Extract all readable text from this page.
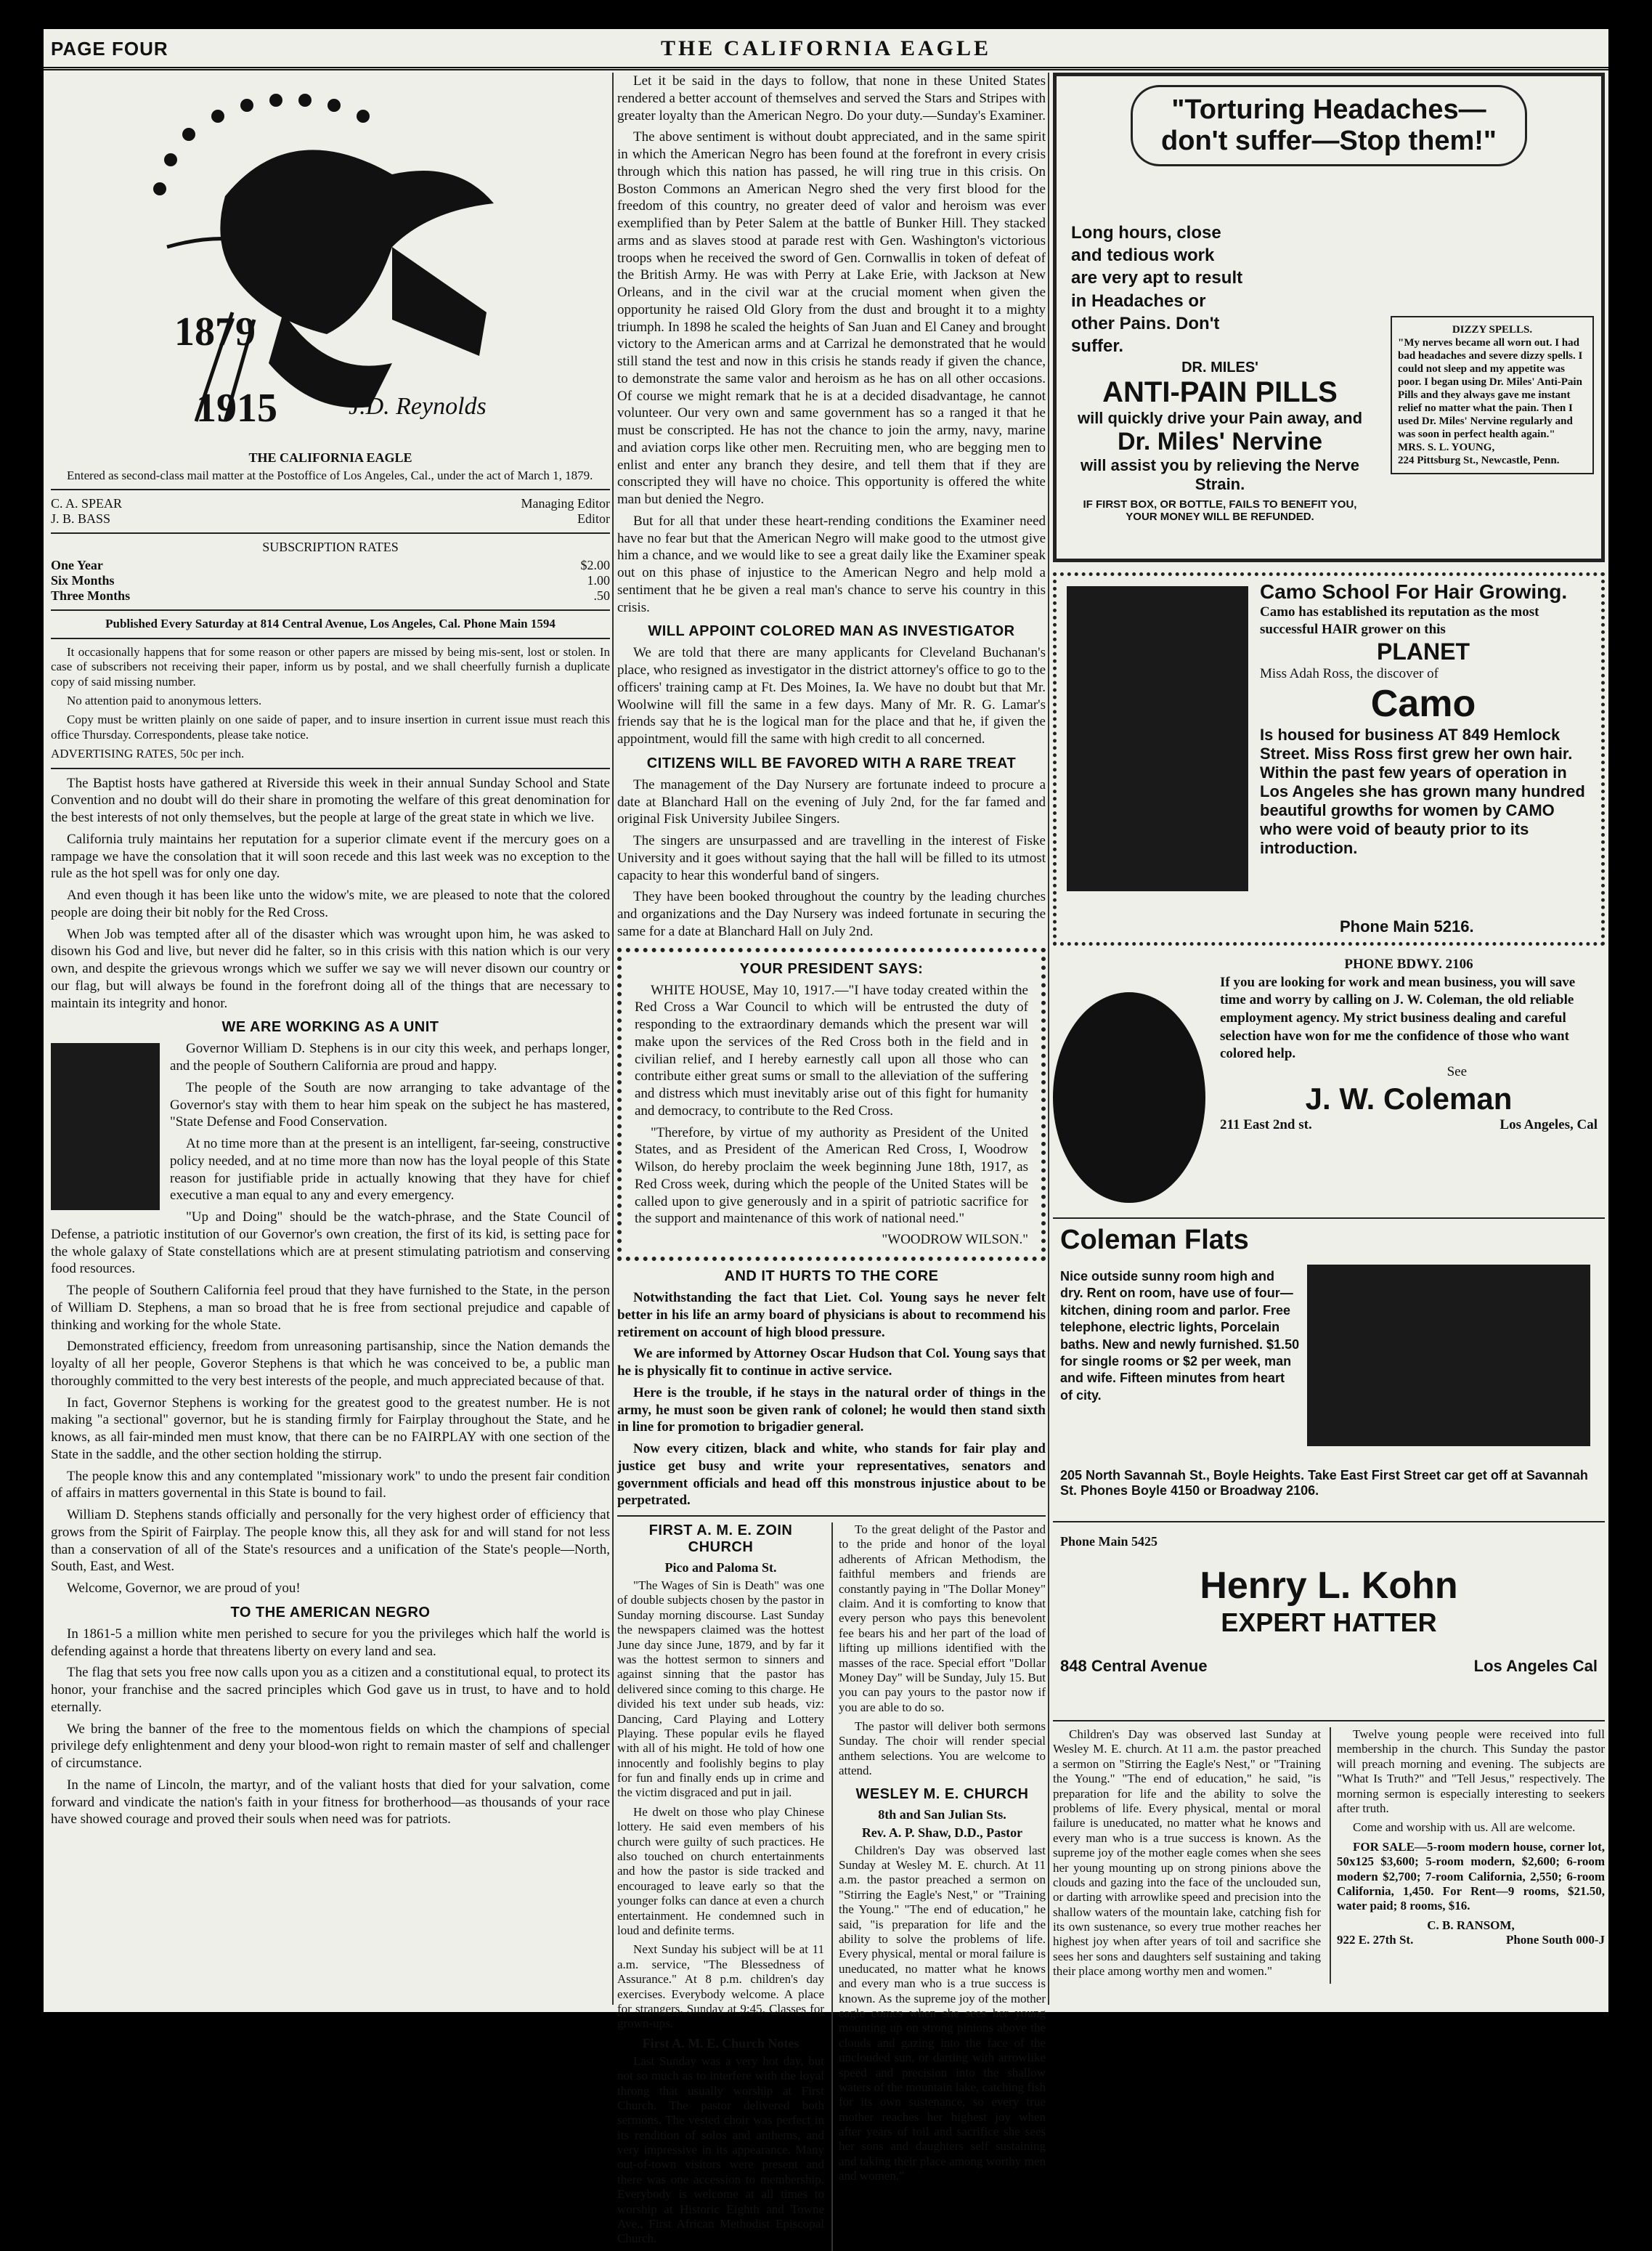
PAGE FOUR	THE CALIFORNIA EAGLE
1879
1915	J.D. Reynolds
THE CALIFORNIA EAGLE

Entered as second-class mail matter at the Postoffice of Los Angeles, Cal., under the act of March 1, 1879.

C. A. SPEAR	Managing Editor
J. B. BASS	Editor
SUBSCRIPTION RATES
One Year	$2.00
Six Months	1.00
Three Months	.50
Published Every Saturday at 814 Central Avenue, Los Angeles, Cal. Phone Main 1594

It occasionally happens that for some reason or other papers are missed by being mis-sent, lost or stolen. In case of subscribers not receiving their paper, inform us by postal, and we shall cheerfully furnish a duplicate copy of said missing number.

No attention paid to anonymous letters.

Copy must be written plainly on one saide of paper, and to insure insertion in current issue must reach this office Thursday. Correspondents, please take notice.

ADVERTISING RATES, 50c per inch.

The Baptist hosts have gathered at Riverside this week in their annual Sunday School and State Convention and no doubt will do their share in promoting the welfare of this great denomination for the best interests of not only themselves, but the people at large of the great state in which we live.

California truly maintains her reputation for a superior climate event if the mercury goes on a rampage we have the consolation that it will soon recede and this last week was no exception to the rule as the hot spell was for only one day.

And even though it has been like unto the widow's mite, we are pleased to note that the colored people are doing their bit nobly for the Red Cross.

When Job was tempted after all of the disaster which was wrought upon him, he was asked to disown his God and live, but never did he falter, so in this crisis with this nation which is our very own, and despite the grievous wrongs which we suffer we say we will never disown our country or our flag, but will always be found in the forefront doing all of the things that are necessary to maintain its integrity and honor.

WE ARE WORKING AS A UNIT

Governor William D. Stephens is in our city this week, and perhaps longer, and the people of Southern California are proud and happy.

The people of the South are now arranging to take advantage of the Governor's stay with them to hear him speak on the subject he has mastered, "State Defense and Food Conservation.

At no time more than at the present is an intelligent, far-seeing, constructive policy needed, and at no time more than now has the loyal people of this State reason for justifiable pride in actually knowing that they have for chief executive a man equal to any and every emergency.

"Up and Doing" should be the watch-phrase, and the State Council of Defense, a patriotic institution of our Governor's own creation, the first of its kid, is setting pace for the whole galaxy of State constellations which are at present stimulating patriotism and conserving food resources.

The people of Southern California feel proud that they have furnished to the State, in the person of William D. Stephens, a man so broad that he is free from sectional prejudice and capable of thinking and working for the whole State.

Demonstrated efficiency, freedom from unreasoning partisanship, since the Nation demands the loyalty of all her people, Goveror Stephens is that which he was conceived to be, a public man thoroughly committed to the very best interests of the people, and much appreciated because of that.

In fact, Governor Stephens is working for the greatest good to the greatest number. He is not making "a sectional" governor, but he is standing firmly for Fairplay throughout the State, and he knows, as all fair-minded men must know, that there can be no FAIRPLAY with one section of the State in the saddle, and the other section holding the stirrup.

The people know this and any contemplated "missionary work" to undo the present fair condition of affairs in matters governental in this State is bound to fail.

William D. Stephens stands officially and personally for the very highest order of efficiency that grows from the Spirit of Fairplay. The people know this, all they ask for and will stand for not less than a conservation of all of the State's resources and a unification of the State's people—North, South, East, and West.

Welcome, Governor, we are proud of you!

TO THE AMERICAN NEGRO

In 1861-5 a million white men perished to secure for you the privileges which half the world is defending against a horde that threatens liberty on every land and sea.

The flag that sets you free now calls upon you as a citizen and a constitutional equal, to protect its honor, your franchise and the sacred principles which God gave us in trust, to have and to hold eternally.

We bring the banner of the free to the momentous fields on which the champions of special privilege defy enlightenment and deny your blood-won right to remain master of self and challenger of circumstance.

In the name of Lincoln, the martyr, and of the valiant hosts that died for your salvation, come forward and vindicate the nation's faith in your fitness for brotherhood—as thousands of your race have showed courage and proved their souls when need was for patriots.

Let it be said in the days to follow, that none in these United States rendered a better account of themselves and served the Stars and Stripes with greater loyalty than the American Negro. Do your duty.—Sunday's Examiner.

The above sentiment is without doubt appreciated, and in the same spirit in which the American Negro has been found at the forefront in every crisis through which this nation has passed, he will ring true in this crisis. On Boston Commons an American Negro shed the very first blood for the freedom of this country, no greater deed of valor and heroism was ever exemplified than by Peter Salem at the battle of Bunker Hill. They stacked arms and as slaves stood at parade rest with Gen. Washington's victorious troops when he received the sword of Gen. Cornwallis in token of defeat of the British Army. He was with Perry at Lake Erie, with Jackson at New Orleans, and in the civil war at the crucial moment when given the opportunity he raised Old Glory from the dust and brought it to a mighty triumph. In 1898 he scaled the heights of San Juan and El Caney and brought victory to the American arms and at Carrizal he demonstrated that he would still stand the test and now in this crisis he stands ready if given the chance, to demonstrate the same valor and heroism as he has on all other occasions. Of course we might remark that he is at a decided disadvantage, he cannot volunteer. Our very own and same government has so a ranged it that he must be conscripted. He has not the chance to join the army, navy, marine and aviation corps like other men. Recruiting men, who are begging men to enlist and enter any branch they desire, and tell them that if they are conscripted they will have no choice. This opportunity is offered the white man but denied the Negro.

But for all that under these heart-rending conditions the Examiner need have no fear but that the American Negro will make good to the utmost give him a chance, and we would like to see a great daily like the Examiner speak out on this phase of injustice to the American Negro and help mold a sentiment that he be given a real man's chance to serve his country in this crisis.

WILL APPOINT COLORED MAN AS INVESTIGATOR

We are told that there are many applicants for Cleveland Buchanan's place, who resigned as investigator in the district attorney's office to go to the officers' training camp at Ft. Des Moines, Ia. We have no doubt but that Mr. Woolwine will fill the same in a few days. Many of Mr. R. G. Lamar's friends say that he is the logical man for the place and that he, if given the appointment, would fill the same with high credit to all concerned.

CITIZENS WILL BE FAVORED WITH A RARE TREAT

The management of the Day Nursery are fortunate indeed to procure a date at Blanchard Hall on the evening of July 2nd, for the far famed and original Fisk University Jubilee Singers.

The singers are unsurpassed and are travelling in the interest of Fiske University and it goes without saying that the hall will be filled to its utmost capacity to hear this wonderful band of singers.

They have been booked throughout the country by the leading churches and organizations and the Day Nursery was indeed fortunate in securing the same for a date at Blanchard Hall on July 2nd.

YOUR PRESIDENT SAYS:

WHITE HOUSE, May 10, 1917.—"I have today created within the Red Cross a War Council to which will be entrusted the duty of responding to the extraordinary demands which the present war will make upon the services of the Red Cross both in the field and in civilian relief, and I hereby earnestly call upon all those who can contribute either great sums or small to the alleviation of the suffering and distress which must inevitably arise out of this fight for humanity and democracy, to contribute to the Red Cross.

"Therefore, by virtue of my authority as President of the United States, and as President of the American Red Cross, I, Woodrow Wilson, do hereby proclaim the week beginning June 18th, 1917, as Red Cross week, during which the people of the United States will be called upon to give generously and in a spirit of patriotic sacrifice for the support and maintenance of this work of national need."

"WOODROW WILSON."
AND IT HURTS TO THE CORE

Notwithstanding the fact that Liet. Col. Young says he never felt better in his life an army board of physicians is about to recommend his retirement on account of high blood pressure.

We are informed by Attorney Oscar Hudson that Col. Young says that he is physically fit to continue in active service.

Here is the trouble, if he stays in the natural order of things in the army, he must soon be given rank of colonel; he would then stand sixth in line for promotion to brigadier general.

Now every citizen, black and white, who stands for fair play and justice get busy and write your representatives, senators and government officials and head off this monstrous injustice about to be perpetrated.

FIRST A. M. E. ZOIN CHURCH
Pico and Paloma St.

"The Wages of Sin is Death" was one of double subjects chosen by the pastor in Sunday morning discourse. Last Sunday the newspapers claimed was the hottest June day since June, 1879, and by far it was the hottest sermon to sinners and against sinning that the pastor has delivered since coming to this charge. He divided his text under sub heads, viz: Dancing, Card Playing and Lottery Playing. These popular evils he flayed with all of his might. He told of how one innocently and foolishly begins to play for fun and finally ends up in crime and the victim disgraced and put in jail.

He dwelt on those who play Chinese lottery. He said even members of his church were guilty of such practices. He also touched on church entertainments and how the pastor is side tracked and encouraged to leave early so that the younger folks can dance at even a church entertainment. He condemned such in loud and definite terms.

Next Sunday his subject will be at 11 a.m. service, "The Blessedness of Assurance." At 8 p.m. children's day exercises. Everybody welcome. A place for strangers. Sunday at 9:45. Classes for grown-ups.

First A. M. E. Church Notes

Last Sunday was a very hot day, but not so much as to interfere with the loyal throng that usually worship at First Church. The pastor delivered both sermons. The vested choir was perfect in its rendition of solos and anthems, and very impressive in its appearance. Many out-of-town visitors were present and there was one accession to membership. Everybody is welcome at all times to worship at Historic Eighth and Towne Ave., First African Methodist Episcopal Church.

To the great delight of the Pastor and to the pride and honor of the loyal adherents of African Methodism, the faithful members and friends are constantly paying in "The Dollar Money" claim. And it is comforting to know that every person who pays this benevolent fee bears his and her part of the load of lifting up millions identified with the masses of the race. Special effort "Dollar Money Day" will be Sunday, July 15. But you can pay yours to the pastor now if you are able to do so.

The pastor will deliver both sermons Sunday. The choir will render special anthem selections. You are welcome to attend.

WESLEY M. E. CHURCH
8th and San Julian Sts.
Rev. A. P. Shaw, D.D., Pastor

Children's Day was observed last Sunday at Wesley M. E. church. At 11 a.m. the pastor preached a sermon on "Stirring the Eagle's Nest," or "Training the Young." "The end of education," he said, "is preparation for life and the ability to solve the problems of life. Every physical, mental or moral failure is uneducated, no matter what he knows and every man who is a true success is known. As the supreme joy of the mother eagle comes when she sees her young mounting up on strong pinions above the clouds and gazing into the face of the unclouded sun, or darting with arrowlike speed and precision into the shallow waters of the mountain lake, catching fish for its own sustenance, so every true mother reaches her highest joy when after years of toil and sacrifice she sees her sons and daughters self sustaining and taking their place among worthy men and women."

"Torturing Headaches—don't suffer—Stop them!"
Long hours, close and tedious work are very apt to result in Headaches or other Pains. Don't suffer.
DR. MILES'
ANTI-PAIN PILLS
will quickly drive your Pain away, and
Dr. Miles' Nervine
will assist you by relieving the Nerve Strain.
IF FIRST BOX, OR BOTTLE, FAILS TO BENEFIT YOU, YOUR MONEY WILL BE REFUNDED.
DIZZY SPELLS.
"My nerves became all worn out. I had bad headaches and severe dizzy spells. I could not sleep and my appetite was poor. I began using Dr. Miles' Anti-Pain Pills and they always gave me instant relief no matter what the pain. Then I used Dr. Miles' Nervine regularly and was soon in perfect health again."
MRS. S. L. YOUNG,
224 Pittsburg St., Newcastle, Penn.
Camo School For Hair Growing.
Camo has established its reputation as the most successful HAIR grower on this
PLANET
Miss Adah Ross, the discover of
Camo
Is housed for business AT 849 Hemlock Street. Miss Ross first grew her own hair. Within the past few years of operation in Los Angeles she has grown many hundred beautiful growths for women by CAMO who were void of beauty prior to its introduction.
Phone Main 5216.
PHONE BDWY. 2106
If you are looking for work and mean business, you will save time and worry by calling on J. W. Coleman, the old reliable employment agency. My strict business dealing and careful selection have won for me the confidence of those who want colored help.
See
J. W. Coleman
211 East 2nd st.	Los Angeles, Cal
Coleman Flats
Nice outside sunny room high and dry. Rent on room, have use of four—kitchen, dining room and parlor. Free telephone, electric lights, Porcelain baths. New and newly furnished. $1.50 for single rooms or $2 per week, man and wife. Fifteen minutes from heart of city.
205 North Savannah St., Boyle Heights. Take East First Street car get off at Savannah St. Phones Boyle 4150 or Broadway 2106.
Phone Main 5425
Henry L. Kohn
EXPERT HATTER
848 Central Avenue	Los Angeles Cal

Children's Day was observed last Sunday at Wesley M. E. church. At 11 a.m. the pastor preached a sermon on "Stirring the Eagle's Nest," or "Training the Young." "The end of education," he said, "is preparation for life and the ability to solve the problems of life. Every physical, mental or moral failure is uneducated, no matter what he knows and every man who is a true success is known. As the supreme joy of the mother eagle comes when she sees her young mounting up on strong pinions above the clouds and gazing into the face of the unclouded sun, or darting with arrowlike speed and precision into the shallow waters of the mountain lake, catching fish for its own sustenance, so every true mother reaches her highest joy when after years of toil and sacrifice she sees her sons and daughters self sustaining and taking their place among worthy men and women."

Twelve young people were received into full membership in the church. This Sunday the pastor will preach morning and evening. The subjects are "What Is Truth?" and "Tell Jesus," respectively. The morning sermon is especially interesting to seekers after truth.

Come and worship with us. All are welcome.

FOR SALE—5-room modern house, corner lot, 50x125 $3,600; 5-room modern, $2,600; 6-room modern $2,700; 7-room California, 2,550; 6-room California, 1,450. For Rent—9 rooms, $21.50, water paid; 8 rooms, $16.

C. B. RANSOM,
922 E. 27th St.	Phone South 000-J
